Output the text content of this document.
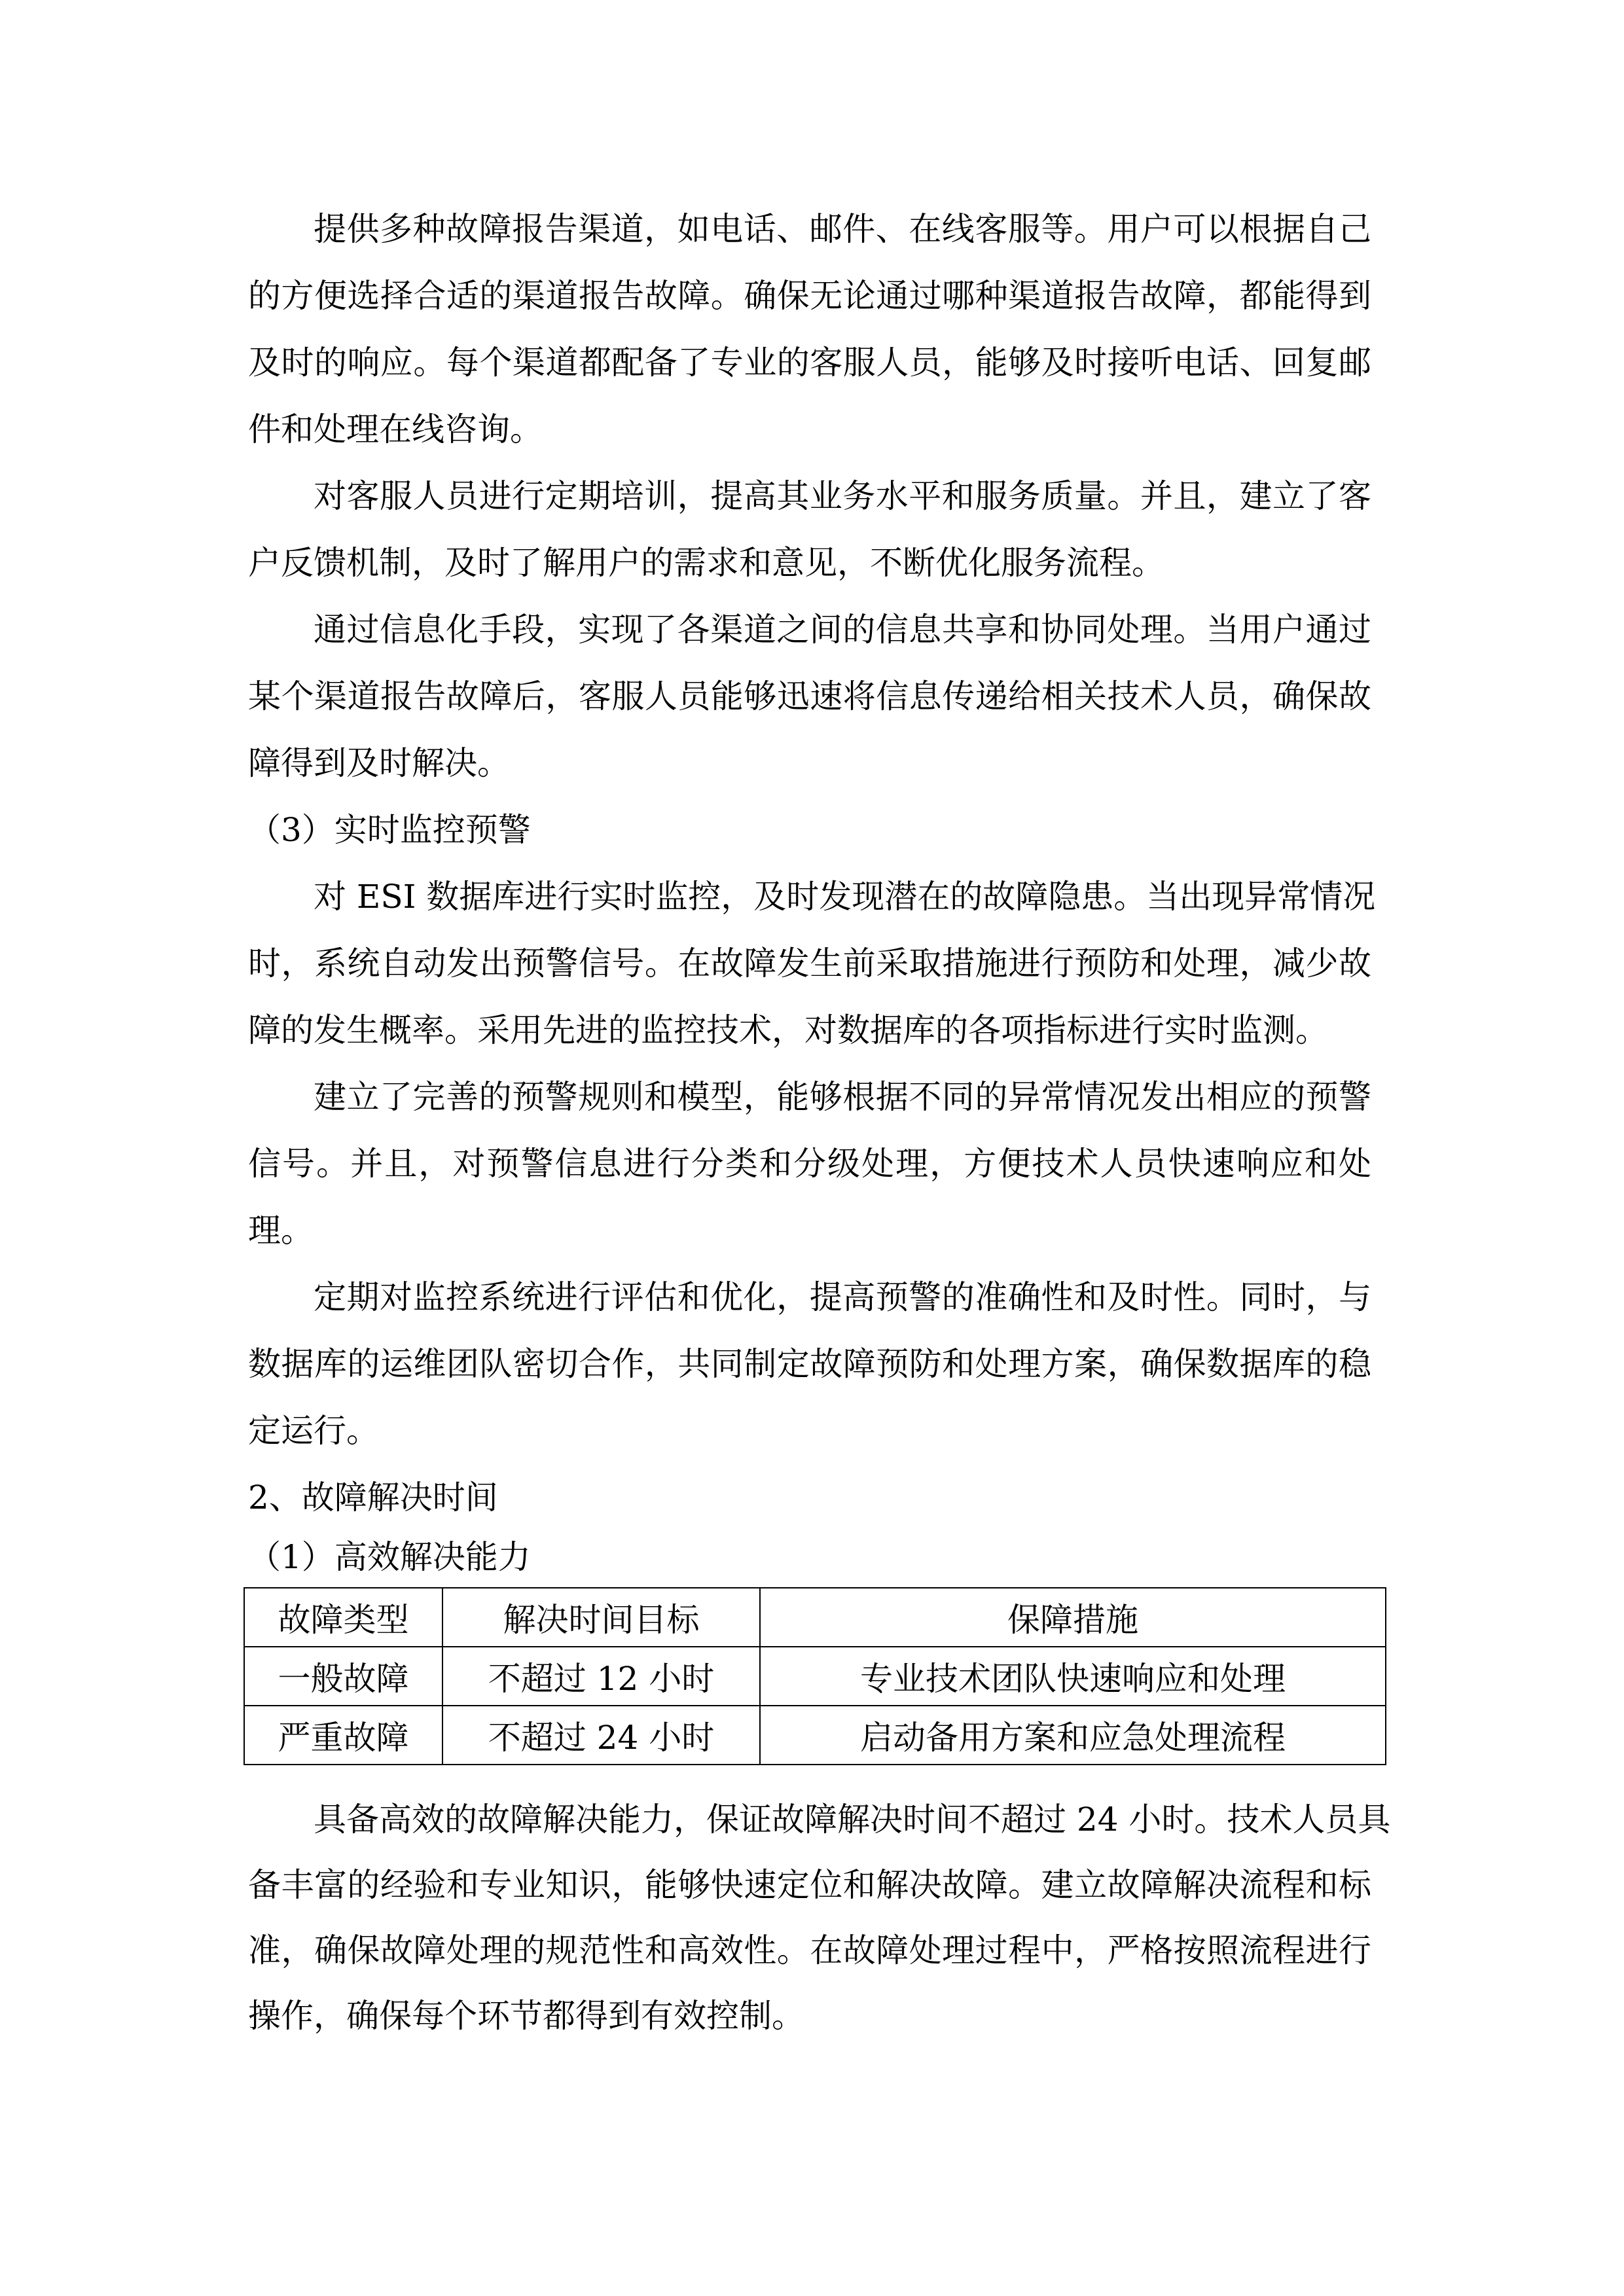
提供多种故障报告渠道，如电话、邮件、在线客服等。用户可以根据自己
的方便选择合适的渠道报告故障。确保无论通过哪种渠道报告故障，都能得到
及时的响应。每个渠道都配备了专业的客服人员，能够及时接听电话、回复邮
件和处理在线咨询。
对客服人员进行定期培训，提高其业务水平和服务质量。并且，建立了客
户反馈机制，及时了解用户的需求和意见，不断优化服务流程。
通过信息化手段，实现了各渠道之间的信息共享和协同处理。当用户通过
某个渠道报告故障后，客服人员能够迅速将信息传递给相关技术人员，确保故
障得到及时解决。
（3）实时监控预警
对 ESI 数据库进行实时监控，及时发现潜在的故障隐患。当出现异常情况
时，系统自动发出预警信号。在故障发生前采取措施进行预防和处理，减少故
障的发生概率。采用先进的监控技术，对数据库的各项指标进行实时监测。
建立了完善的预警规则和模型，能够根据不同的异常情况发出相应的预警
信号。并且，对预警信息进行分类和分级处理，方便技术人员快速响应和处
理。
定期对监控系统进行评估和优化，提高预警的准确性和及时性。同时，与
数据库的运维团队密切合作，共同制定故障预防和处理方案，确保数据库的稳
定运行。
2、故障解决时间
（1）高效解决能力
故障类型	解决时间目标	保障措施
一般故障	不超过 12 小时	专业技术团队快速响应和处理
严重故障	不超过 24 小时	启动备用方案和应急处理流程
具备高效的故障解决能力，保证故障解决时间不超过 24 小时。技术人员具
备丰富的经验和专业知识，能够快速定位和解决故障。建立故障解决流程和标
准，确保故障处理的规范性和高效性。在故障处理过程中，严格按照流程进行
操作，确保每个环节都得到有效控制。
